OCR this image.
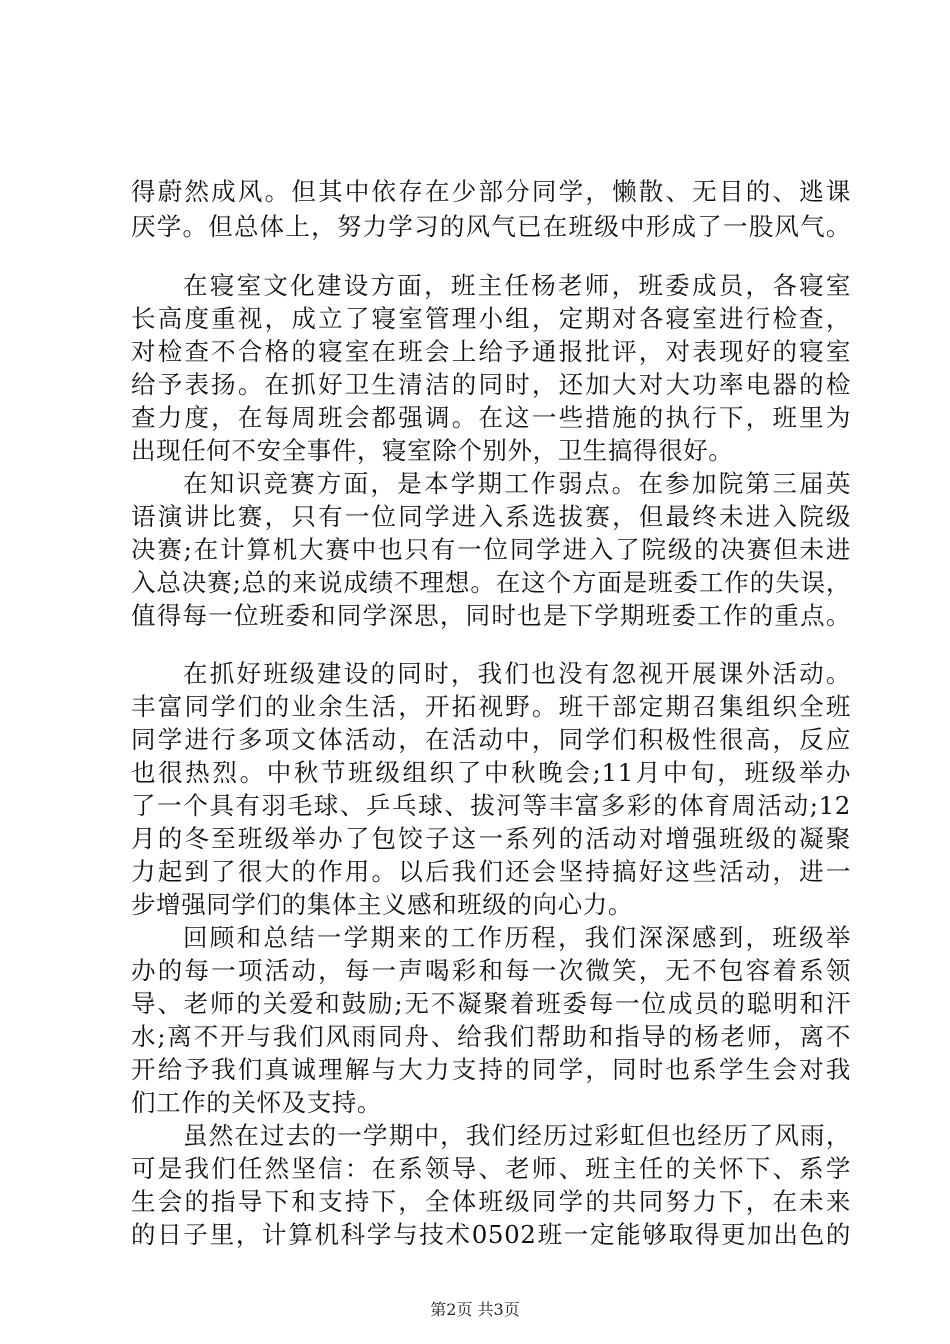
得蔚然成风。但其中依存在少部分同学，懒散、无目的、逃课
厌学。但总体上，努力学习的风气已在班级中形成了一股风气。
在寝室文化建设方面，班主任杨老师，班委成员，各寝室
长高度重视，成立了寝室管理小组，定期对各寝室进行检查，
对检查不合格的寝室在班会上给予通报批评，对表现好的寝室
给予表扬。在抓好卫生清洁的同时，还加大对大功率电器的检
查力度，在每周班会都强调。在这一些措施的执行下，班里为
出现任何不安全事件，寝室除个别外，卫生搞得很好。
在知识竞赛方面，是本学期工作弱点。在参加院第三届英
语演讲比赛，只有一位同学进入系选拔赛，但最终未进入院级
决赛;在计算机大赛中也只有一位同学进入了院级的决赛但未进
入总决赛;总的来说成绩不理想。在这个方面是班委工作的失误，
值得每一位班委和同学深思，同时也是下学期班委工作的重点。
在抓好班级建设的同时，我们也没有忽视开展课外活动。
丰富同学们的业余生活，开拓视野。班干部定期召集组织全班
同学进行多项文体活动，在活动中，同学们积极性很高，反应
也很热烈。中秋节班级组织了中秋晚会;11月中旬，班级举办
了一个具有羽毛球、乒乓球、拔河等丰富多彩的体育周活动;12
月的冬至班级举办了包饺子这一系列的活动对增强班级的凝聚
力起到了很大的作用。以后我们还会坚持搞好这些活动，进一
步增强同学们的集体主义感和班级的向心力。
回顾和总结一学期来的工作历程，我们深深感到，班级举
办的每一项活动，每一声喝彩和每一次微笑，无不包容着系领
导、老师的关爱和鼓励;无不凝聚着班委每一位成员的聪明和汗
水;离不开与我们风雨同舟、给我们帮助和指导的杨老师，离不
开给予我们真诚理解与大力支持的同学，同时也系学生会对我
们工作的关怀及支持。
虽然在过去的一学期中，我们经历过彩虹但也经历了风雨，
可是我们任然坚信：在系领导、老师、班主任的关怀下、系学
生会的指导下和支持下，全体班级同学的共同努力下，在未来
的日子里，计算机科学与技术0502班一定能够取得更加出色的
第2页 共3页
